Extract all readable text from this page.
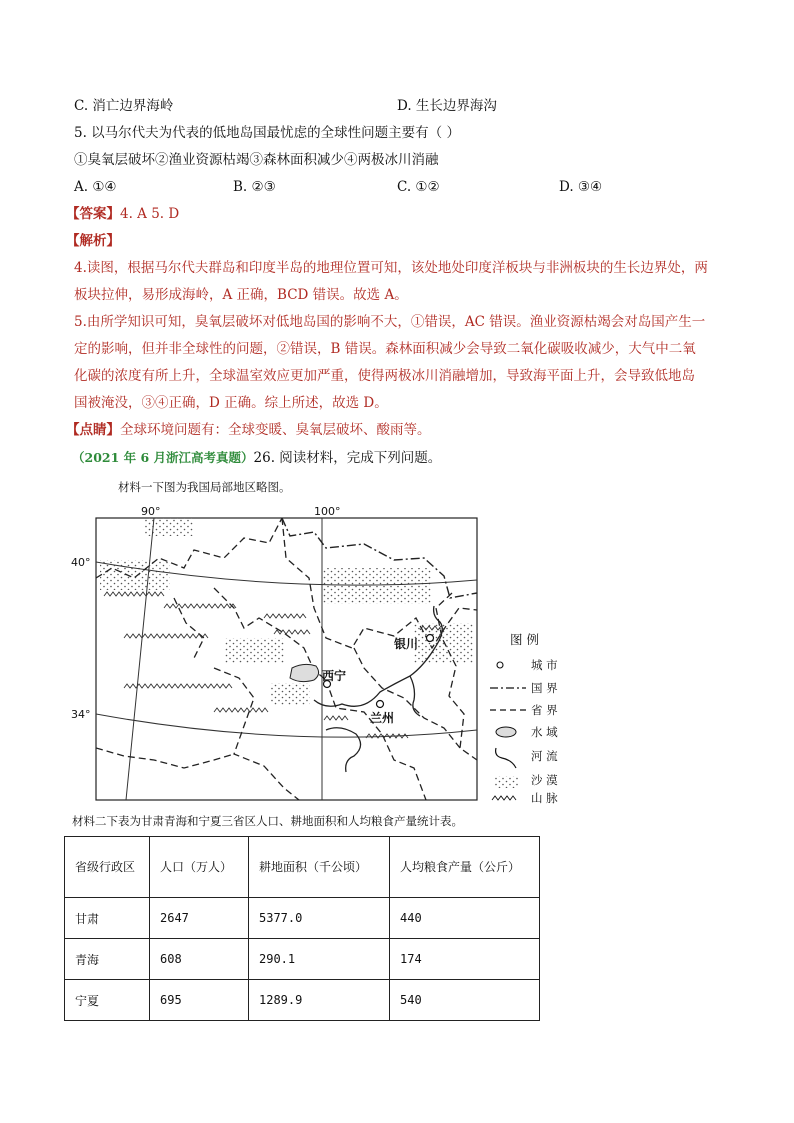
C. 消亡边界海岭	D. 生长边界海沟
5. 以马尔代夫为代表的低地岛国最忧虑的全球性问题主要有（ ）
①臭氧层破坏②渔业资源枯竭③森林面积减少④两极冰川消融
A. ①④	B. ②③	C. ①②	D. ③④
【答案】4. A 5. D
【解析】
4.读图，根据马尔代夫群岛和印度半岛的地理位置可知，该处地处印度洋板块与非洲板块的生长边界处，两
板块拉伸，易形成海岭，A 正确，BCD 错误。故选 A。
5.由所学知识可知，臭氧层破坏对低地岛国的影响不大，①错误，AC 错误。渔业资源枯竭会对岛国产生一
定的影响，但并非全球性的问题，②错误，B 错误。森林面积减少会导致二氧化碳吸收减少，大气中二氧
化碳的浓度有所上升，全球温室效应更加严重，使得两极冰川消融增加，导致海平面上升，会导致低地岛
国被淹没，③④正确，D 正确。综上所述，故选 D。
【点睛】全球环境问题有：全球变暖、臭氧层破坏、酸雨等。
（2021 年 6 月浙江高考真题）26. 阅读材料，完成下列问题。
材料一下图为我国局部地区略图。
银川
西宁
兰州
90°	100°
40°
34°
图 例
城 市
国 界
省 界
水 域
河 流
沙 漠
山 脉
材料二下表为甘肃青海和宁夏三省区人口、耕地面积和人均粮食产量统计表。
省级行政区	人口（万人）	耕地面积（千公顷）	人均粮食产量（公斤）
甘肃	2647	5377.0	440
青海	608	290.1	174
宁夏	695	1289.9	540
